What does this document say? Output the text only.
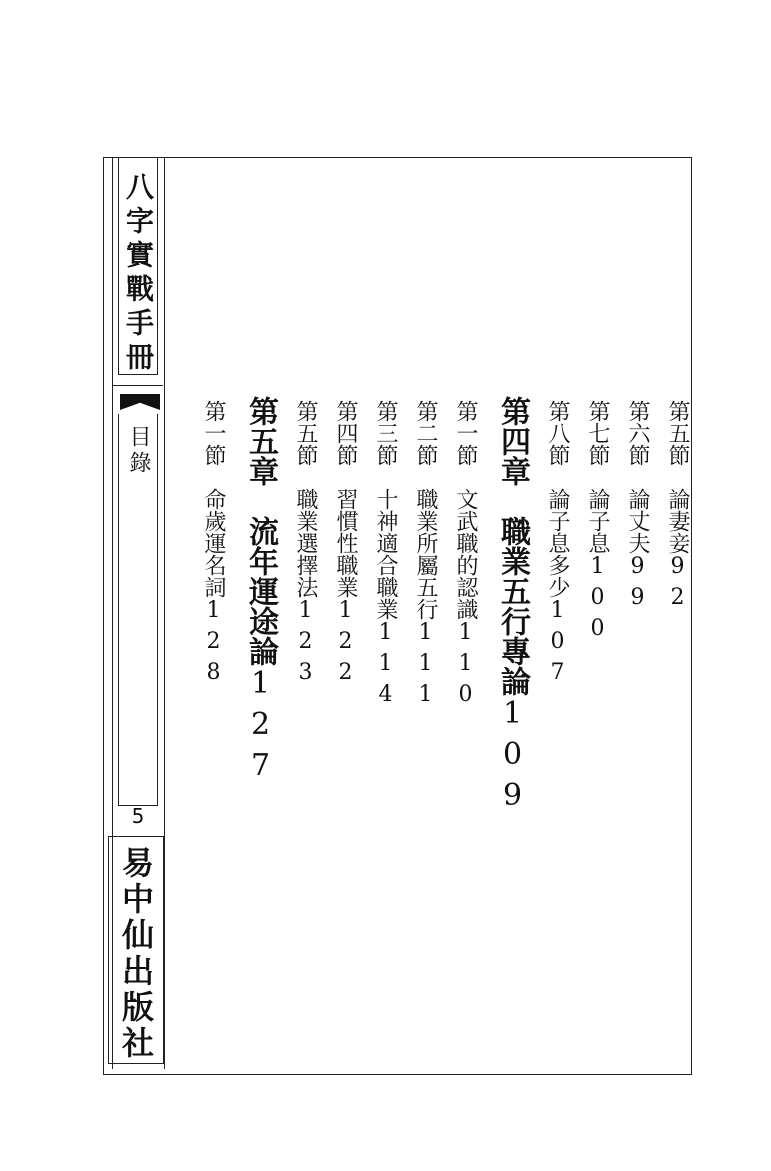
八字實戰手冊
目錄
5
易中仙出版社
第五節　論妻妾92
第六節　論丈夫99
第七節　論子息100
第八節　論子息多少107
第四章　職業五行專論109
第一節　文武職的認識110
第二節　職業所屬五行111
第三節　十神適合職業114
第四節　習慣性職業122
第五節　職業選擇法123
第五章　流年運途論127
第一節　命歲運名詞128
